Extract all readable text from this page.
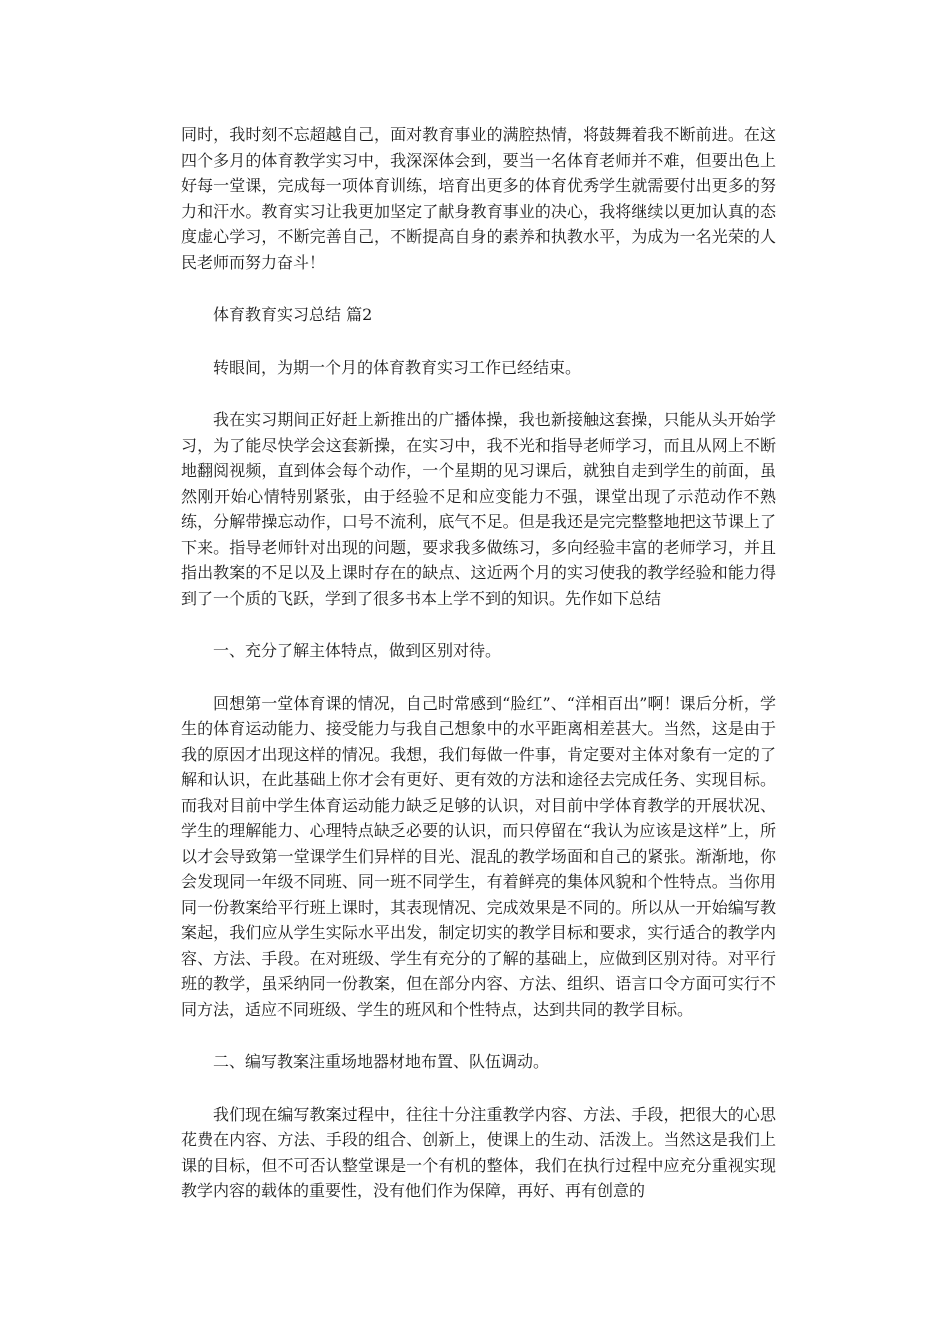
同时，我时刻不忘超越自己，面对教育事业的满腔热情，将鼓舞着我不断前进。在这四个多月的体育教学实习中，我深深体会到，要当一名体育老师并不难，但要出色上好每一堂课，完成每一项体育训练，培育出更多的体育优秀学生就需要付出更多的努力和汗水。教育实习让我更加坚定了献身教育事业的决心，我将继续以更加认真的态度虚心学习，不断完善自己，不断提高自身的素养和执教水平，为成为一名光荣的人民老师而努力奋斗！

体育教育实习总结 篇2

转眼间，为期一个月的体育教育实习工作已经结束。

我在实习期间正好赶上新推出的广播体操，我也新接触这套操，只能从头开始学习，为了能尽快学会这套新操，在实习中，我不光和指导老师学习，而且从网上不断地翻阅视频，直到体会每个动作，一个星期的见习课后，就独自走到学生的前面，虽然刚开始心情特别紧张，由于经验不足和应变能力不强，课堂出现了示范动作不熟练，分解带操忘动作，口号不流利，底气不足。但是我还是完完整整地把这节课上了下来。指导老师针对出现的问题，要求我多做练习，多向经验丰富的老师学习，并且指出教案的不足以及上课时存在的缺点、这近两个月的实习使我的教学经验和能力得到了一个质的飞跃，学到了很多书本上学不到的知识。先作如下总结

一、充分了解主体特点，做到区别对待。

回想第一堂体育课的情况，自己时常感到“脸红”、“洋相百出”啊！课后分析，学生的体育运动能力、接受能力与我自己想象中的水平距离相差甚大。当然，这是由于我的原因才出现这样的情况。我想，我们每做一件事，肯定要对主体对象有一定的了解和认识，在此基础上你才会有更好、更有效的方法和途径去完成任务、实现目标。而我对目前中学生体育运动能力缺乏足够的认识，对目前中学体育教学的开展状况、学生的理解能力、心理特点缺乏必要的认识，而只停留在“我认为应该是这样”上，所以才会导致第一堂课学生们异样的目光、混乱的教学场面和自己的紧张。渐渐地，你会发现同一年级不同班、同一班不同学生，有着鲜亮的集体风貌和个性特点。当你用同一份教案给平行班上课时，其表现情况、完成效果是不同的。所以从一开始编写教案起，我们应从学生实际水平出发，制定切实的教学目标和要求，实行适合的教学内容、方法、手段。在对班级、学生有充分的了解的基础上，应做到区别对待。对平行班的教学，虽采纳同一份教案，但在部分内容、方法、组织、语言口令方面可实行不同方法，适应不同班级、学生的班风和个性特点，达到共同的教学目标。

二、编写教案注重场地器材地布置、队伍调动。

我们现在编写教案过程中，往往十分注重教学内容、方法、手段，把很大的心思花费在内容、方法、手段的组合、创新上，使课上的生动、活泼上。当然这是我们上课的目标，但不可否认整堂课是一个有机的整体，我们在执行过程中应充分重视实现教学内容的载体的重要性，没有他们作为保障，再好、再有创意的
